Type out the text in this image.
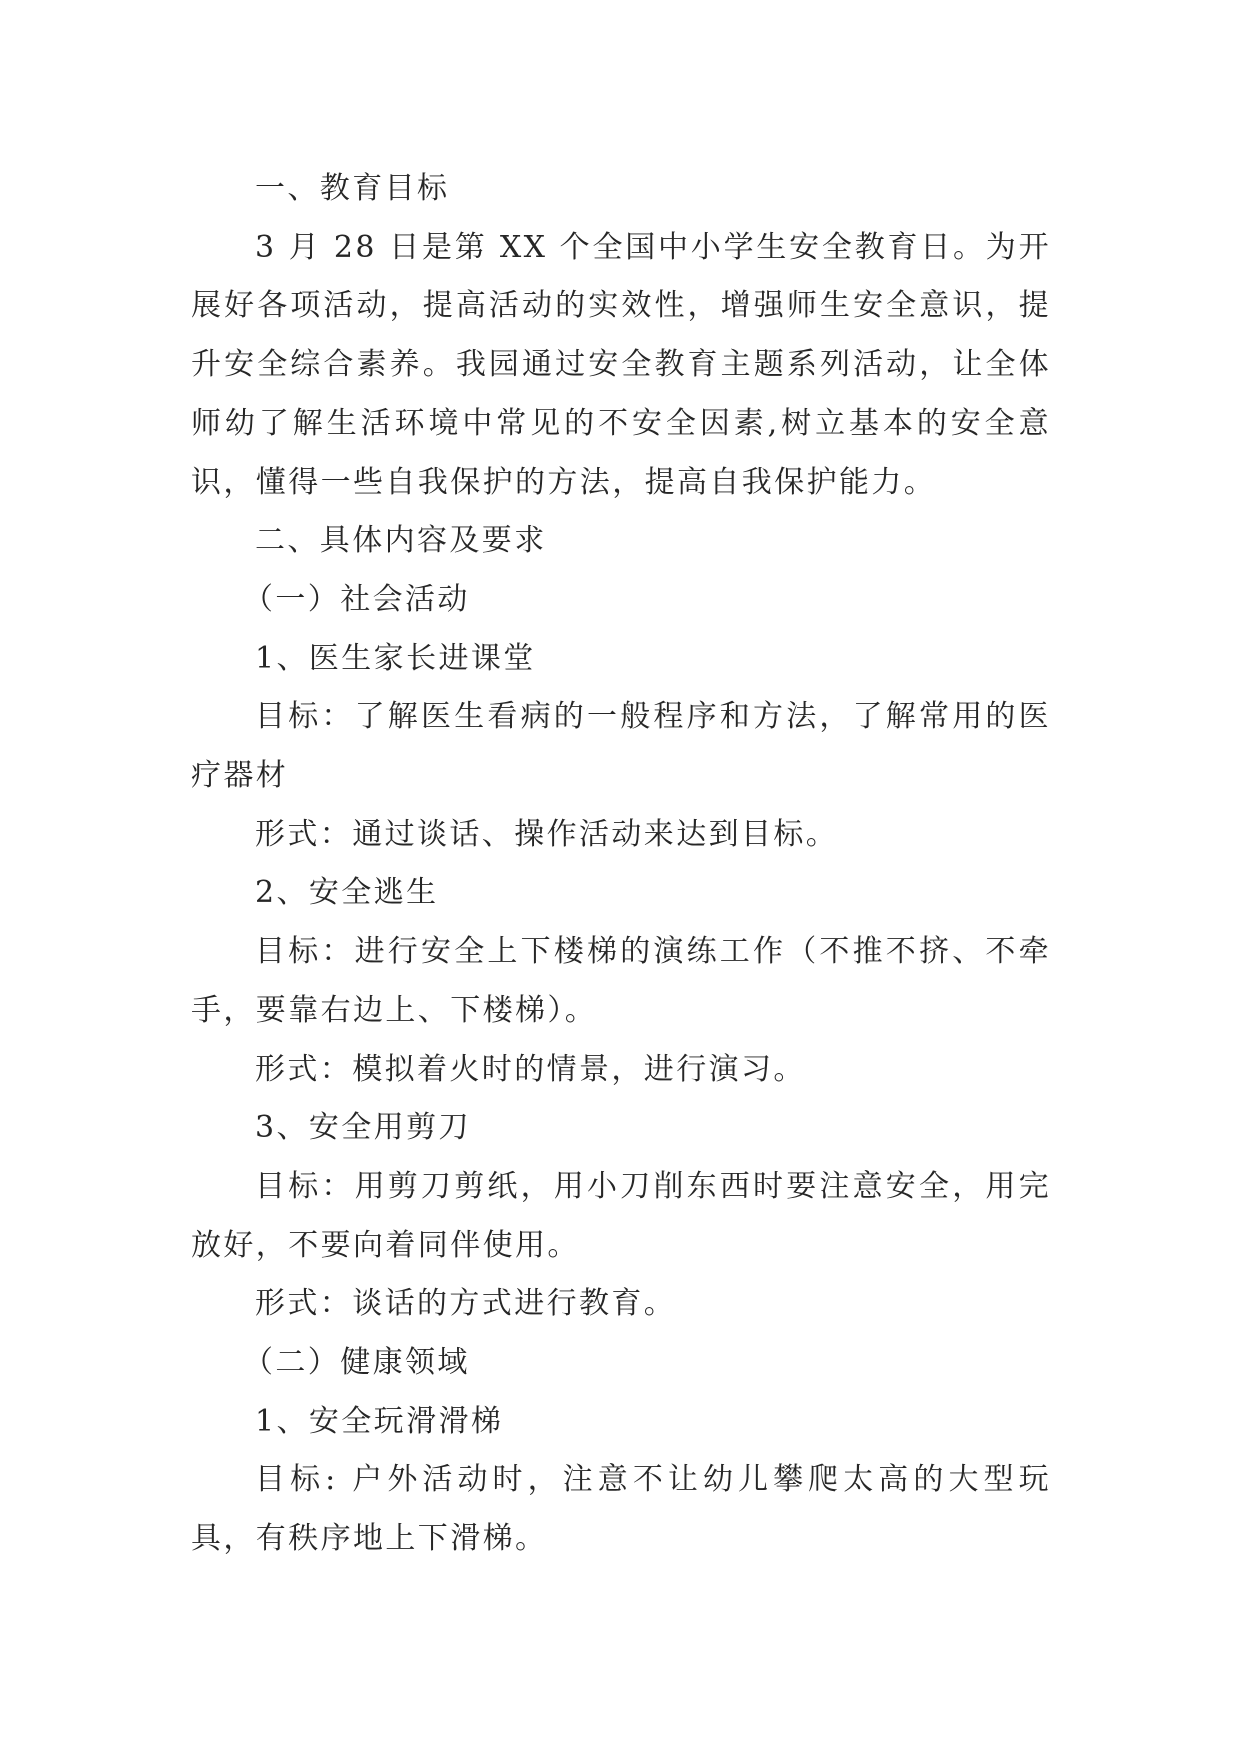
一、教育目标

3 月 28 日是第 XX 个全国中小学生安全教育日。为开展好各项活动，提高活动的实效性，增强师生安全意识，提升安全综合素养。我园通过安全教育主题系列活动，让全体师幼了解生活环境中常见的不安全因素,树立基本的安全意识，懂得一些自我保护的方法，提高自我保护能力。

二、具体内容及要求

（一）社会活动

1、医生家长进课堂

目标：了解医生看病的一般程序和方法，了解常用的医疗器材

形式：通过谈话、操作活动来达到目标。

2、安全逃生

目标：进行安全上下楼梯的演练工作（不推不挤、不牵手，要靠右边上、下楼梯）。

形式：模拟着火时的情景，进行演习。

3、安全用剪刀

目标：用剪刀剪纸，用小刀削东西时要注意安全，用完放好，不要向着同伴使用。

形式：谈话的方式进行教育。

（二）健康领域

1、安全玩滑滑梯

目标: 户外活动时，注意不让幼儿攀爬太高的大型玩具，有秩序地上下滑梯。
